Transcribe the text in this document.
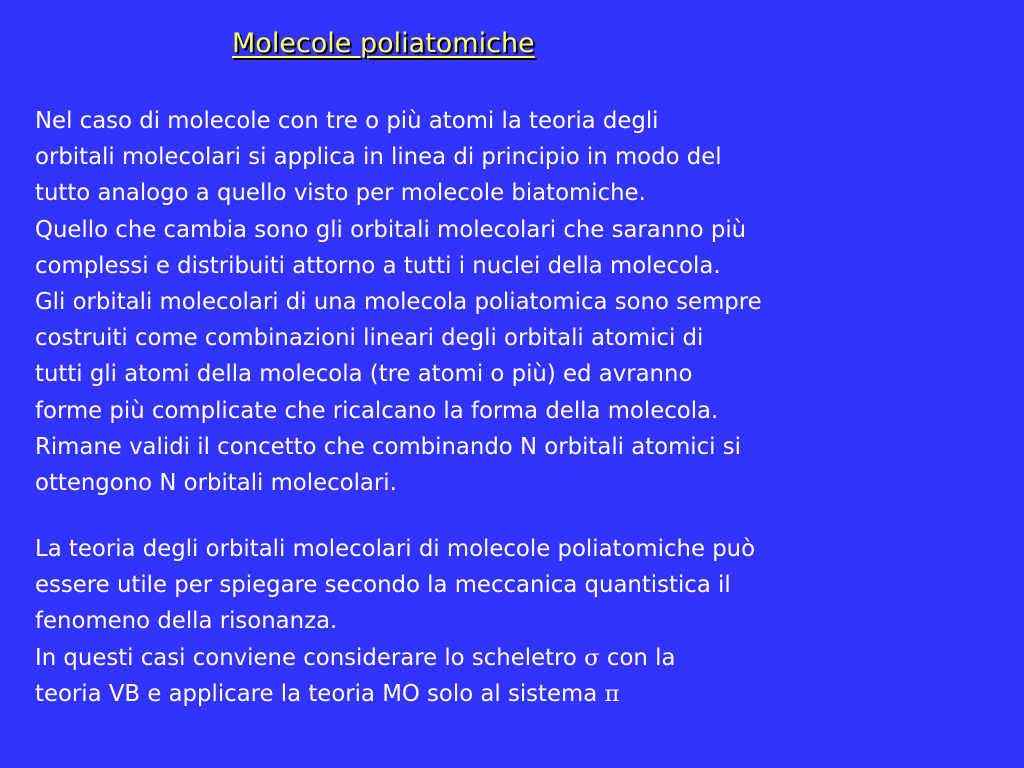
Molecole poliatomiche

Nel caso di molecole con tre o più atomi la teoria degli
orbitali molecolari si applica in linea di principio in modo del
tutto analogo a quello visto per molecole biatomiche.
Quello che cambia sono gli orbitali molecolari che saranno più
complessi e distribuiti attorno a tutti i nuclei della molecola.
Gli orbitali molecolari di una molecola poliatomica sono sempre
costruiti come combinazioni lineari degli orbitali atomici di
tutti gli atomi della molecola (tre atomi o più) ed avranno
forme più complicate che ricalcano la forma della molecola.
Rimane validi il concetto che combinando N orbitali atomici si
ottengono N orbitali molecolari.

La teoria degli orbitali molecolari di molecole poliatomiche può
essere utile per spiegare secondo la meccanica quantistica il
fenomeno della risonanza.
In questi casi conviene considerare lo scheletro σ con la
teoria VB e applicare la teoria MO solo al sistema π
